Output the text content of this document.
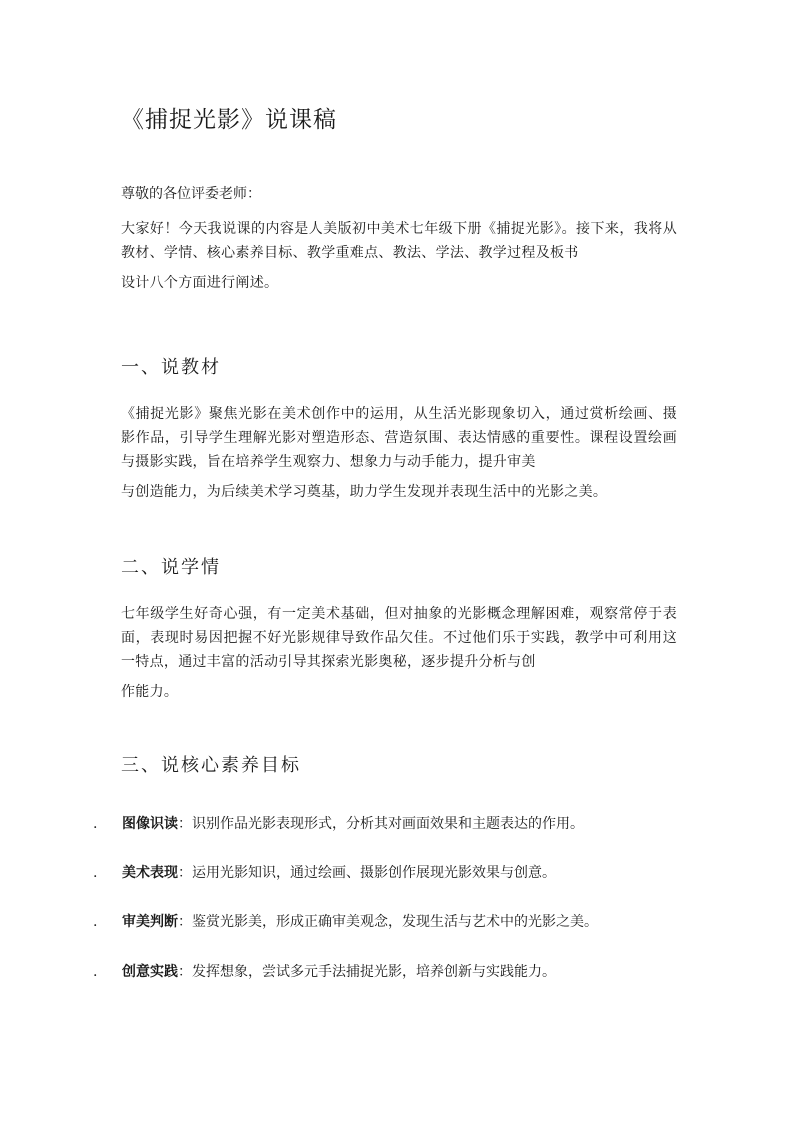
《捕捉光影》说课稿

尊敬的各位评委老师：

大家好！今天我说课的内容是人美版初中美术七年级下册《捕捉光影》。接下来，我将从教材、学情、核心素养目标、教学重难点、教法、学法、教学过程及板书
设计八个方面进行阐述。

一、说教材

《捕捉光影》聚焦光影在美术创作中的运用，从生活光影现象切入，通过赏析绘画、摄影作品，引导学生理解光影对塑造形态、营造氛围、表达情感的重要性。课程设置绘画与摄影实践，旨在培养学生观察力、想象力与动手能力，提升审美
与创造能力，为后续美术学习奠基，助力学生发现并表现生活中的光影之美。

二、说学情

七年级学生好奇心强，有一定美术基础，但对抽象的光影概念理解困难，观察常停于表面，表现时易因把握不好光影规律导致作品欠佳。不过他们乐于实践，教学中可利用这一特点，通过丰富的活动引导其探索光影奥秘，逐步提升分析与创
作能力。

三、说核心素养目标

. 图像识读：识别作品光影表现形式，分析其对画面效果和主题表达的作用。

. 美术表现：运用光影知识，通过绘画、摄影创作展现光影效果与创意。

. 审美判断：鉴赏光影美，形成正确审美观念，发现生活与艺术中的光影之美。

. 创意实践：发挥想象，尝试多元手法捕捉光影，培养创新与实践能力。
